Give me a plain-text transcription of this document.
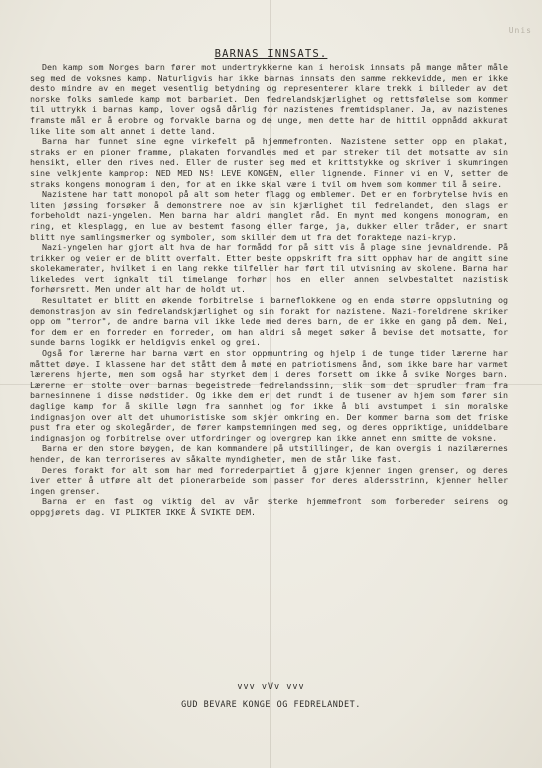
Unis
BARNAS INNSATS.

Den kamp som Norges barn fører mot undertrykkerne kan i heroisk innsats på mange måter måle seg med de voksnes kamp. Naturligvis har ikke barnas innsats den samme rekkevidde, men er ikke desto mindre av en meget vesentlig betydning og representerer klare trekk i billeder av det norske folks samlede kamp mot barbariet. Den fedrelandskjærlighet og rettsfølelse som kommer til uttrykk i barnas kamp, lover også dårlig for nazistenes fremtidsplaner. Ja, av nazistenes framste mål er å erobre og forvakle barna og de unge, men dette har de hittil oppnådd akkurat like lite som alt annet i dette land.

Barna har funnet sine egne virkefelt på hjemmefronten. Nazistene setter opp en plakat, straks er en pioner framme, plakaten forvandles med et par streker til det motsatte av sin hensikt, eller den rives ned. Eller de ruster seg med et krittstykke og skriver i skumringen sine velkjente kamprop: NED MED NS! LEVE KONGEN, eller lignende. Finner vi en V, setter de straks kongens monogram i den, for at en ikke skal være i tvil om hvem som kommer til å seire.

Nazistene har tatt monopol på alt som heter flagg og emblemer. Det er en forbrytelse hvis en liten jøssing forsøker å demonstrere noe av sin kjærlighet til fedrelandet, den slags er forbeholdt nazi-yngelen. Men barna har aldri manglet råd. En mynt med kongens monogram, en ring, et klesplagg, en lue av bestemt fasong eller farge, ja, dukker eller tråder, er snart blitt nye samlingsmerker og symboler, som skiller dem ut fra det forakteде nazi-kryp.

Nazi-yngelen har gjort alt hva de har formådd for på sitt vis å plage sine jevnaldrende. På trikker og veier er de blitt overfalt. Etter beste oppskrift fra sitt opphav har de angitt sine skolekamerater, hvilket i en lang rekke tilfeller har ført til utvisning av skolene. Barna har likeledes vert ignkalt til timelange forhør hos en eller annen selvbestaltet nazistisk forhørsrett. Men under alt har de holdt ut.

Resultatet er blitt en økende forbitrelse i barneflokkene og en enda større oppslutning og demonstrasjon av sin fedrelandskjærlighet og sin forakt for nazistene. Nazi-foreldrene skriker opp om "terror", de andre barna vil ikke lede med deres barn, de er ikke en gang på dem. Nei, for dem er en forreder en forreder, om han aldri så meget søker å bevise det motsatte, for sunde barns logikk er heldigvis enkel og grei.

Også for lærerne har barna vært en stor oppmuntring og hjelp i de tunge tider lærerne har måttet døye. I klassene har det stått dem å møte en patriotismens ånd, som ikke bare har varmet lærerens hjerte, men som også har styrket dem i deres forsett om ikke å svike Norges barn. Lærerne er stolte over barnas begeistrede fedrelandssinn, slik som det sprudler fram fra barnesinnene i disse nødstider. Og ikke dem er det rundt i de tusener av hjem som fører sin daglige kamp for å skille løgn fra sannhet og for ikke å bli avstumpet i sin moralske indignasjon over alt det uhumoristiske som skjer omkring en. Der kommer barna som det friske pust fra eter og skolegårder, de fører kampstemningen med seg, og deres oppriktige, uniddelbare indignasjon og forbitrelse over utfordringer og overgrep kan ikke annet enn smitte de voksne.

Barna er den store bøygen, de kan kommandere på utstillinger, de kan overgis i nazilærernes hender, de kan terroriseres av såkalte myndigheter, men de står like fast.

Deres forakt for alt som har med forrederpartiet å gjøre kjenner ingen grenser, og deres iver etter å utføre alt det pionerarbeide som passer for deres aldersstrinn, kjenner heller ingen grenser.

Barna er en fast og viktig del av vår sterke hjemmefront som forbereder seirens og oppgjørets dag. VI PLIKTER IKKE Å SVIKTE DEM.

vvv vVv vvv
GUD BEVARE KONGE OG FEDRELANDET.
